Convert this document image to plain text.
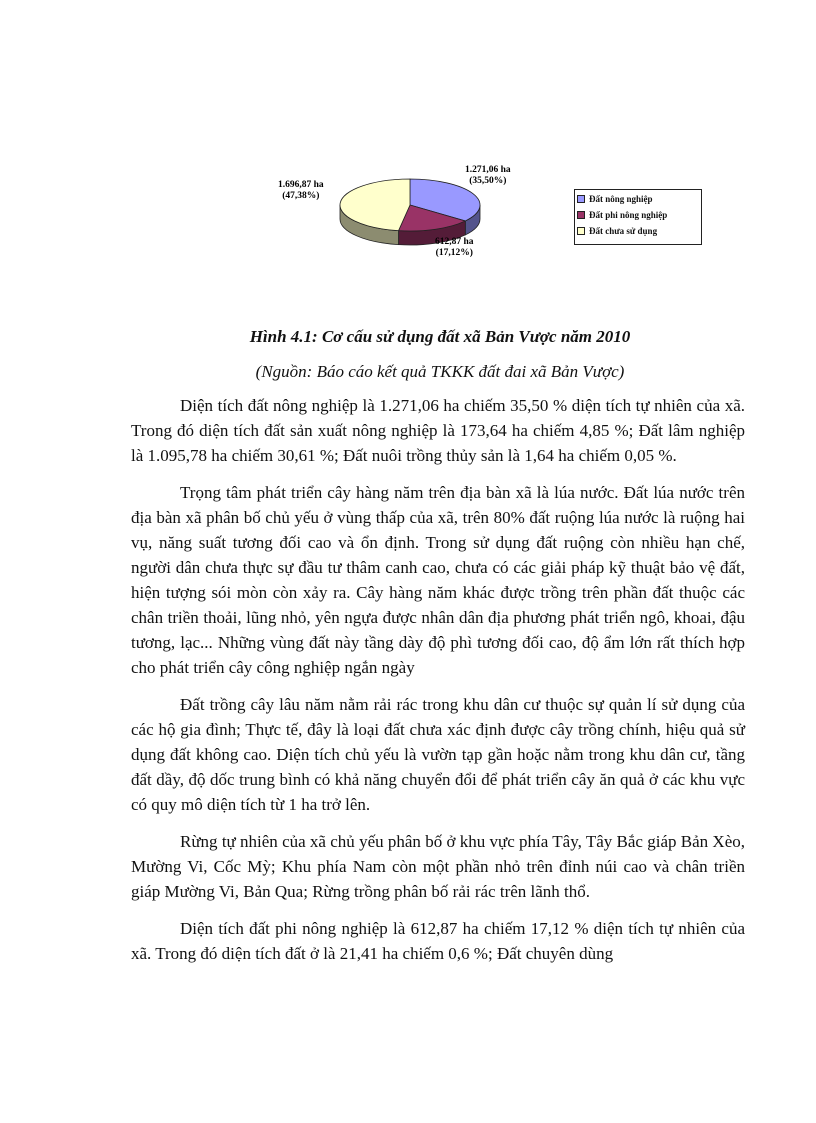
1.271,06 ha
(35,50%)
612,87 ha
(17,12%)
1.696,87 ha
(47,38%)	Đất nông nghiệp
Đất phi nông nghiệp
Đất chưa sử dụng
Hình 4.1: Cơ cấu sử dụng đất xã Bản Vược năm 2010
(Nguồn: Báo cáo kết quả TKKK đất đai xã Bản Vược)

Diện tích đất nông nghiệp là 1.271,06 ha chiếm 35,50 % diện tích tự nhiên của xã. Trong đó diện tích đất sản xuất nông nghiệp là 173,64 ha chiếm 4,85 %; Đất lâm nghiệp là 1.095,78 ha chiếm 30,61 %; Đất nuôi trồng thủy sản là 1,64 ha chiếm 0,05 %.

Trọng tâm phát triển cây hàng năm trên địa bàn xã là lúa nước. Đất lúa nước trên địa bàn xã phân bố chủ yếu ở vùng thấp của xã, trên 80% đất ruộng lúa nước là ruộng hai vụ, năng suất tương đối cao và ổn định. Trong sử dụng đất ruộng còn nhiều hạn chế, người dân chưa thực sự đầu tư thâm canh cao, chưa có các giải pháp kỹ thuật bảo vệ đất, hiện tượng sói mòn còn xảy ra. Cây hàng năm khác được trồng trên phần đất thuộc các chân triền thoải, lũng nhỏ, yên ngựa được nhân dân địa phương phát triển ngô, khoai, đậu tương, lạc... Những vùng đất này tầng dày độ phì tương đối cao, độ ẩm lớn rất thích hợp cho phát triển cây công nghiệp ngắn ngày

Đất trồng cây lâu năm nằm rải rác trong khu dân cư thuộc sự quản lí sử dụng của các hộ gia đình; Thực tế, đây là loại đất chưa xác định được cây trồng chính, hiệu quả sử dụng đất không cao. Diện tích chủ yếu là vườn tạp gần hoặc nằm trong khu dân cư, tầng đất dầy, độ dốc trung bình có khả năng chuyển đổi để phát triển cây ăn quả ở các khu vực có quy mô diện tích từ 1 ha trở lên.

Rừng tự nhiên của xã chủ yếu phân bố ở khu vực phía Tây, Tây Bắc giáp Bản Xèo, Mường Vi, Cốc Mỳ; Khu phía Nam còn một phần nhỏ trên đỉnh núi cao và chân triền giáp Mường Vi, Bản Qua; Rừng trồng phân bố rải rác trên lãnh thổ.

Diện tích đất phi nông nghiệp là 612,87 ha chiếm 17,12 % diện tích tự nhiên của xã. Trong đó diện tích đất ở là 21,41 ha chiếm 0,6 %; Đất chuyên dùng
